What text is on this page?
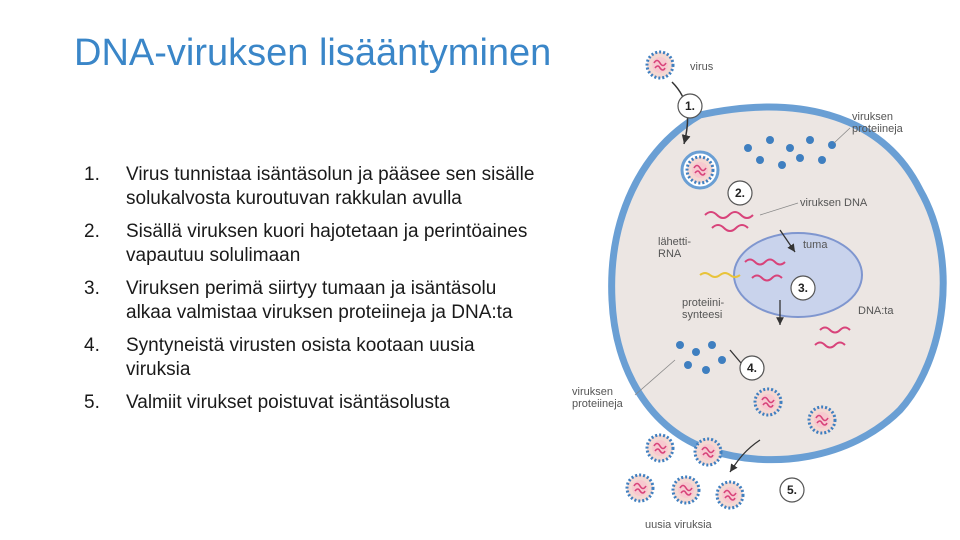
DNA-viruksen lisääntyminen
1.	Virus tunnistaa isäntäsolun ja pääsee sen sisälle solukalvosta kuroutuvan rakkulan avulla
2.	Sisällä viruksen kuori hajotetaan ja perintöaines vapautuu solulimaan
3.	Viruksen perimä siirtyy tumaan ja isäntäsolu alkaa valmistaa viruksen proteiineja ja DNA:ta
4.	Syntyneistä virusten osista kootaan uusia viruksia
5.	Valmiit virukset poistuvat isäntäsolusta
virus
1.
2.
viruksen DNA
viruksen proteiineja
tuma
3.
lähetti-RNA
proteiini-synteesi	DNA:ta
4.
viruksen proteiineja
5.
uusia viruksia
